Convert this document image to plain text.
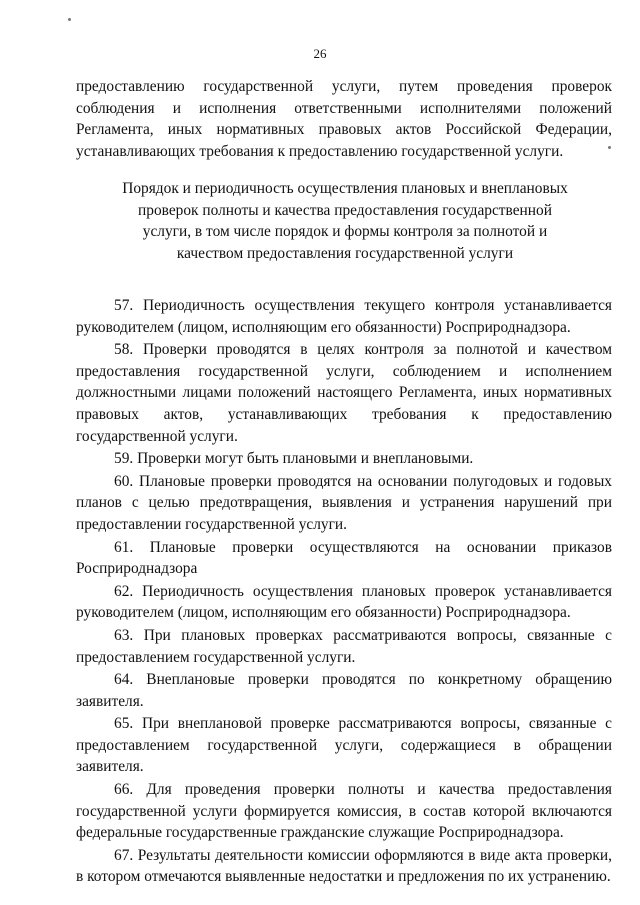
26

предоставлению государственной услуги, путем проведения проверок соблюдения и исполнения ответственными исполнителями положений Регламента, иных нормативных правовых актов Российской Федерации, устанавливающих требования к предоставлению государственной услуги.

Порядок и периодичность осуществления плановых и внеплановых проверок полноты и качества предоставления государственной услуги, в том числе порядок и формы контроля за полнотой и качеством предоставления государственной услуги

57. Периодичность осуществления текущего контроля устанавливается руководителем (лицом, исполняющим его обязанности) Росприроднадзора.

58. Проверки проводятся в целях контроля за полнотой и качеством предоставления государственной услуги, соблюдением и исполнением должностными лицами положений настоящего Регламента, иных нормативных правовых актов, устанавливающих требования к предоставлению государственной услуги.

59. Проверки могут быть плановыми и внеплановыми.

60. Плановые проверки проводятся на основании полугодовых и годовых планов с целью предотвращения, выявления и устранения нарушений при предоставлении государственной услуги.

61. Плановые проверки осуществляются на основании приказов Росприроднадзора

62. Периодичность осуществления плановых проверок устанавливается руководителем (лицом, исполняющим его обязанности) Росприроднадзора.

63. При плановых проверках рассматриваются вопросы, связанные с предоставлением государственной услуги.

64. Внеплановые проверки проводятся по конкретному обращению заявителя.

65. При внеплановой проверке рассматриваются вопросы, связанные с предоставлением государственной услуги, содержащиеся в обращении заявителя.

66. Для проведения проверки полноты и качества предоставления государственной услуги формируется комиссия, в состав которой включаются федеральные государственные гражданские служащие Росприроднадзора.

67. Результаты деятельности комиссии оформляются в виде акта проверки, в котором отмечаются выявленные недостатки и предложения по их устранению.
